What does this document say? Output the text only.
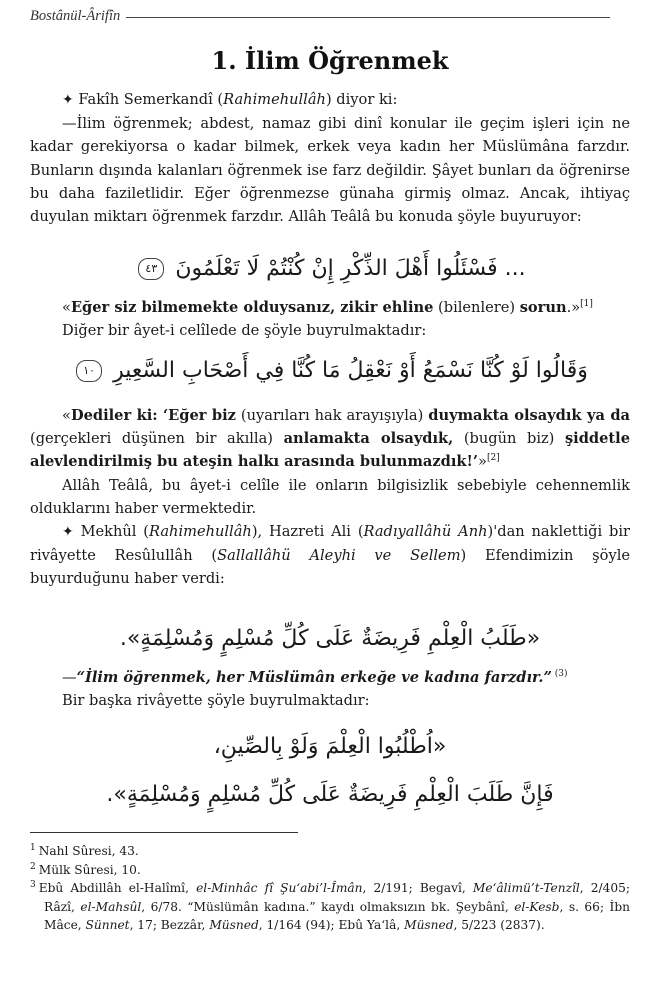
Bostânül-Ârifîn
1. İlim Öğrenmek

✦ Fakîh Semerkandî (Rahimehullâh) diyor ki:

—İlim öğrenmek; abdest, namaz gibi dinî konular ile geçim işleri için ne kadar gerekiyorsa o kadar bilmek, erkek veya kadın her Müslümâna farzdır. Bunların dışında kalanları öğrenmek ise farz değildir. Şâyet bunları da öğrenirse bu daha faziletlidir. Eğer öğrenmezse günaha girmiş olmaz. Ancak, ihtiyaç duyulan miktarı öğrenmek farzdır. Allâh Teâlâ bu konuda şöyle buyuruyor:

... فَسْئَلُوا أَهْلَ الذِّكْرِ إِنْ كُنْتُمْ لَا تَعْلَمُونَ ٤٣

«Eğer siz bilmemekte olduysanız, zikir ehline (bilenlere) sorun.»[1]

Diğer bir âyet-i celîlede de şöyle buyrulmaktadır:

وَقَالُوا لَوْ كُنَّا نَسْمَعُ أَوْ نَعْقِلُ مَا كُنَّا فِي أَصْحَابِ السَّعِيرِ ١٠

«Dediler ki: ‘Eğer biz (uyarıları hak arayışıyla) duymakta olsaydık ya da (gerçekleri düşünen bir akılla) anlamakta olsaydık, (bugün biz) şiddetle alevlendirilmiş bu ateşin halkı arasında bulunmazdık!’»[2]

Allâh Teâlâ, bu âyet-i celîle ile onların bilgisizlik sebebiyle cehennemlik olduklarını haber vermektedir.

✦ Mekhûl (Rahimehullâh), Hazreti Ali (Radıyallâhü Anh)'dan naklettiği bir rivâyette Resûlullâh (Sallallâhü Aleyhi ve Sellem) Efendimizin şöyle buyurduğunu haber verdi:

«طَلَبُ الْعِلْمِ فَرِيضَةٌ عَلَى كُلِّ مُسْلِمٍ وَمُسْلِمَةٍ».

—“İlim öğrenmek, her Müslümân erkeğe ve kadına farzdır.” $^{(3)}$

Bir başka rivâyette şöyle buyrulmaktadır:

«اُطْلُبُوا الْعِلْمَ وَلَوْ بِالصِّينِ،
فَإِنَّ طَلَبَ الْعِلْمِ فَرِيضَةٌ عَلَى كُلِّ مُسْلِمٍ وَمُسْلِمَةٍ».

$^1$ Nahl Sûresi, 43.

$^2$ Mülk Sûresi, 10.

$^3$ Ebû Abdillâh el-Halîmî, el-Minhâc fî Şu‘abi’l-Îmân, 2/191; Begavî, Me‘âlimü’t-Tenzîl, 2/405; Râzî, el-Mahsûl, 6/78. “Müslümân kadına.” kaydı olmaksızın bk. Şeybânî, el-Kesb, s. 66; İbn Mâce, Sünnet, 17; Bezzâr, Müsned, 1/164 (94); Ebû Ya‘lâ, Müsned, 5/223 (2837).
